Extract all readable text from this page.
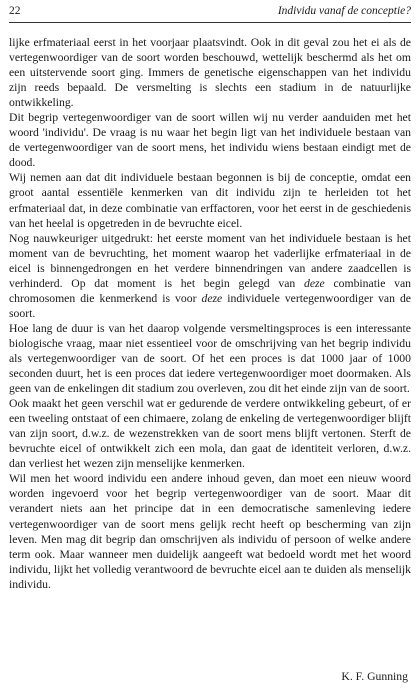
22	Individu vanaf de conceptie?

lijke erfmateriaal eerst in het voorjaar plaatsvindt. Ook in dit geval zou het ei als de vertegenwoordiger van de soort worden beschouwd, wettelijk beschermd als het om een uitstervende soort ging. Immers de genetische eigenschappen van het individu zijn reeds bepaald. De versmelting is slechts een stadium in de natuurlijke ontwikkeling.

Dit begrip vertegenwoordiger van de soort willen wij nu verder aanduiden met het woord 'individu'. De vraag is nu waar het begin ligt van het individuele bestaan van de vertegenwoordiger van de soort mens, het individu wiens bestaan eindigt met de dood.

Wij nemen aan dat dit individuele bestaan begonnen is bij de conceptie, omdat een groot aantal essentiële kenmerken van dit individu zijn te herleiden tot het erfmateriaal dat, in deze combinatie van erffactoren, voor het eerst in de geschiedenis van het heelal is opgetreden in de bevruchte eicel.

Nog nauwkeuriger uitgedrukt: het eerste moment van het individuele bestaan is het moment van de bevruchting, het moment waarop het vaderlijke erfmateriaal in de eicel is binnengedrongen en het verdere binnendringen van andere zaadcellen is verhinderd. Op dat moment is het begin gelegd van deze combinatie van chromosomen die kenmerkend is voor deze individuele vertegenwoordiger van de soort.

Hoe lang de duur is van het daarop volgende versmeltingsproces is een interessante biologische vraag, maar niet essentieel voor de omschrijving van het begrip individu als vertegenwoordiger van de soort. Of het een proces is dat 1000 jaar of 1000 seconden duurt, het is een proces dat iedere vertegenwoordiger moet doormaken. Als geen van de enkelingen dit stadium zou overleven, zou dit het einde zijn van de soort.

Ook maakt het geen verschil wat er gedurende de verdere ontwikkeling gebeurt, of er een tweeling ontstaat of een chimaere, zolang de enkeling de vertegenwoordiger blijft van zijn soort, d.w.z. de wezenstrekken van de soort mens blijft vertonen. Sterft de bevruchte eicel of ontwikkelt zich een mola, dan gaat de identiteit verloren, d.w.z. dan verliest het wezen zijn menselijke kenmerken.

Wil men het woord individu een andere inhoud geven, dan moet een nieuw woord worden ingevoerd voor het begrip vertegenwoordiger van de soort. Maar dit verandert niets aan het principe dat in een democratische samenleving iedere vertegenwoordiger van de soort mens gelijk recht heeft op bescherming van zijn leven. Men mag dit begrip dan omschrijven als individu of persoon of welke andere term ook. Maar wanneer men duidelijk aangeeft wat bedoeld wordt met het woord individu, lijkt het volledig verantwoord de bevruchte eicel aan te duiden als menselijk individu.

K. F. Gunning
